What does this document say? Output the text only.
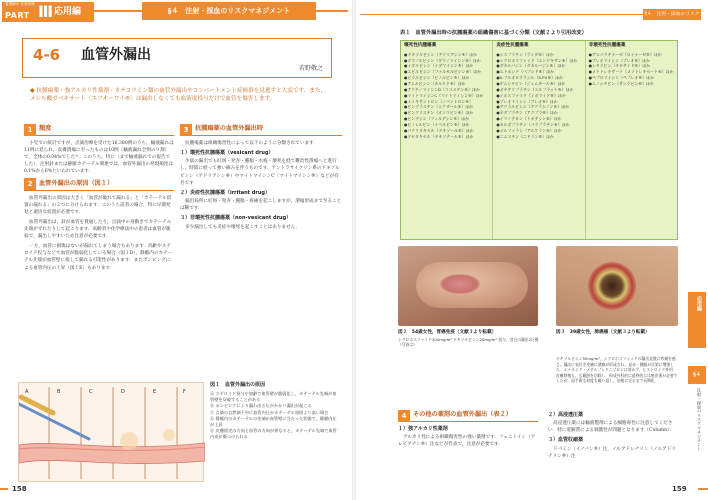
看護師の 仕事辞典
PART Ⅲ 応用編	§４　注射・採血のリスクマネジメント
4-6 血管外漏出
若野敬之
◆ 抗腫瘍薬・強アルカリ性薬剤・カテコラミン類の血管外漏出やコンパートメント症候群を見逃すと大変です．また，メシル酸ガベキサート（エフオーワイ®）は漏出しなくても血液度投与だけで血管を傷害します．
1	頻度

小児での統計ですが，点滴治療を受けた16,380例のうち，輸液漏れは11例に見られ，皮膚潰瘍に至ったものは10例（輸液漏れ全例の９割）で，全体の0.04%でした¹⁾．このうち，特に（まで輸液漏れでの報告でした）．注射針または静脈カテーテル関連では，血管外漏出の発現頻度は0.1%から6%といわれています．

2	血管外漏出の原因（図１）

血管外漏出の原因は大きく「血管が破れて漏れる」と「カテーテル留置の漏れる」の２つに分けられます．このうち前者の場合，特に早期発見と適切な処置が必要です．

血管外漏出は，針が血管を貫通したり，点滴中の身動きでカテーテル先端がずれたりして起こります．高齢者や化学療法中の患者は血管が脆弱で，漏出しやすいため注意が必要です．

一方，血管に損傷はないが漏れてしまう場合もあります．高齢やステロイド投与などで血管が脆弱化している場合（図１D），静脈内のカテーテル先端が血管壁に接して漏れる可能性があります．またポンピングによる血管内圧の上昇（図１E）もあります．

3	抗腫瘍薬の血管外漏出時

抗腫瘍薬は組織傷害性によって以下のように分類されています．

１）壊死性抗腫瘍薬（vesicant drug）

少量の漏出でも紅斑・発赤・腫脹・水疱・壊死を経て難治性潰瘍へと進行し，時間に経って強い痛みを伴うものです．アントラサイクリン系のドキソルビシン（アドリアシン®）やマイトマイシンC（マイトマイシン®）などが有名です．

２）炎症性抗腫瘍薬（irritant drug）

漏出局所に紅斑・発赤・腫脹・疼痛を起こしますが，潰瘍形成まで至ることは稀です．

３）非壊死性抗腫瘍薬（non-vesicant drug）

多少漏出しても炎症や壊死を起こすことはありません．

A	B	C	D	E	F
図１　血管外漏出の原因
Ⓐ ステロイド投与や加齢で血管壁が脆弱化し，カテーテル先端が血管壁を穿破することがある
Ⓑ ポンピングにより漏れ出る圧がかかり漏出が起こる
Ⓒ 点滴の自然滴下中に血管内圧がカテーテル周囲より高い場合
Ⓓ 静脈内のカテーテルの先端が血管壁に当たった状態で，静脈内圧が上昇
Ⓔ 皮膚固定の方向と血管の方向が異なると，カテーテル先端で血管内皮が傷つけられる
158
§４　注射・採血のリスクマネジメント
表１　血管外漏出時の抗腫瘍薬の組織傷害に基づく分類（文献２より引用改変）
壊死性抗腫瘍薬
●ドキソルビシン（アドリアシン®）ほか
●ダウノルビシン（ダウノマイシン®）ほか
●イダルビシン（イダマイシン®）ほか
●エピルビシン（ファルモルビシン®）ほか
●ピラルビシン（ピノルビン®）ほか
●アムルビシン（カルセド®）ほか
●アクチノマイシンD（コスメゲン®）ほか
●マイトマイシンC（マイトマイシン®）ほか
●ミトキサントロン（ノバントロン®）
●ビンブラスチン（エクザール®）ほか
●ビンクリスチン（オンコビン®）ほか
●ビンデシン（フィルデシン®）ほか
●ビノレルビン（ナベルビン®）ほか
●パクリタキセル（タキソール®）ほか
●ドセタキセル（タキソテール®）ほか
炎症性抗腫瘍薬
●シスプラチン（ランダ®）ほか
●シクロホスファミド（エンドキサン®）ほか
●ダカルバジン（ダカルバジン®）ほか
●エトポシド（ベプシド®）ほか
●5-フルオロウラシル（5-FU®）ほか
●ゲムシタビン（ジェムザール®）ほか
●オキサリプラチン（エルプラット®）ほか
●イホスファミド（イホマイド®）ほか
●ブレオマイシン（ブレオ®）ほか
●アクラルビシン（アクラシノン®）ほか
●ネダプラチン（アクプラ®）ほか
●イリノテカン（トポテシン®）ほか
●カルボプラチン（パラプラチン®）ほか
●メルファラン（アルケラン®）ほか
●ニムスチン（ニドラン®）ほか
非壊死性抗腫瘍薬
●アスパラギナーゼ（ロイナーゼ®）ほか
●ブレオマイシン（ブレオ®）ほか
●シタラビン（キロサイド®）ほか
●メトトレキサート（メソトレキセート®）ほか
●ペプロマイシン（ペプレオ®）ほか
●エノシタビン（サンラビン®）ほか
図２　54歳女性，胃癌免疫（文献３より転載）
シクロホスファミド300mg/m² ドキソルビシン20mg/m² 投与，翌日の漏出2日後（写真は）
図３　39歳女性，肺癌癌（文献３より転載）
ドキソルビシン50mg/m²，シクロホスファミドの漏出直後に疼痛を感じ，漏出に気付き皮膚に潰瘍が形成され，発赤・腫脹が次第に増強した．エトポシド・メチルプレドニゾロンは効かず，ヒストロイド外用．皮膚移植も，広範囲を切除し，形成外科的に最終的には植皮術が必要でしたが，再手術も何度も繰り返し，治癒に至るまで長期化．
4	その他の薬剤の血管外漏出（表２）
１）強アルカリ性薬剤

アルカリ性による組織傷害性の強い薬剤です．フェニトイン（アレビアチン®）注などが代表で，注意が必要です．

２）高浸透圧薬

高浸透圧薬には輸液製剤による細胞毒性に注意してください．特に電解質による刺激性が問題となります（Column）．

３）血管収縮薬

ドパミン（イノバン®）注，ノルアドレナリン（ノルアドリナリン®）注

応用編
§４
注射・採血のリスクマネジメント
159
